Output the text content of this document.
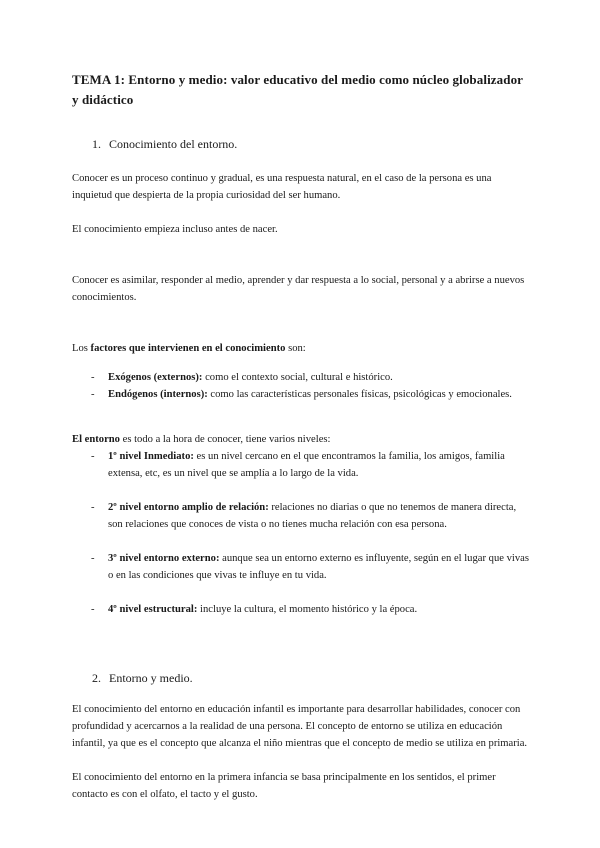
TEMA 1: Entorno y medio: valor educativo del medio como núcleo globalizador y didáctico
1. Conocimiento del entorno.

Conocer es un proceso continuo y gradual, es una respuesta natural, en el caso de la persona es una inquietud que despierta de la propia curiosidad del ser humano.

El conocimiento empieza incluso antes de nacer.

Conocer es asimilar, responder al medio, aprender y dar respuesta a lo social, personal y a abrirse a nuevos conocimientos.

Los factores que intervienen en el conocimiento son:

- Exógenos (externos): como el contexto social, cultural e histórico.
- Endógenos (internos): como las características personales físicas, psicológicas y emocionales.

El entorno es todo a la hora de conocer, tiene varios niveles:

- 1º nivel Inmediato: es un nivel cercano en el que encontramos la familia, los amigos, familia extensa, etc, es un nivel que se amplía a lo largo de la vida.
- 2º nivel entorno amplio de relación: relaciones no diarias o que no tenemos de manera directa, son relaciones que conoces de vista o no tienes mucha relación con esa persona.
- 3º nivel entorno externo: aunque sea un entorno externo es influyente, según en el lugar que vivas o en las condiciones que vivas te influye en tu vida.
- 4º nivel estructural: incluye la cultura, el momento histórico y la época.
2. Entorno y medio.

El conocimiento del entorno en educación infantil es importante para desarrollar habilidades, conocer con profundidad y acercarnos a la realidad de una persona. El concepto de entorno se utiliza en educación infantil, ya que es el concepto que alcanza el niño mientras que el concepto de medio se utiliza en primaria.

El conocimiento del entorno en la primera infancia se basa principalmente en los sentidos, el primer contacto es con el olfato, el tacto y el gusto.
